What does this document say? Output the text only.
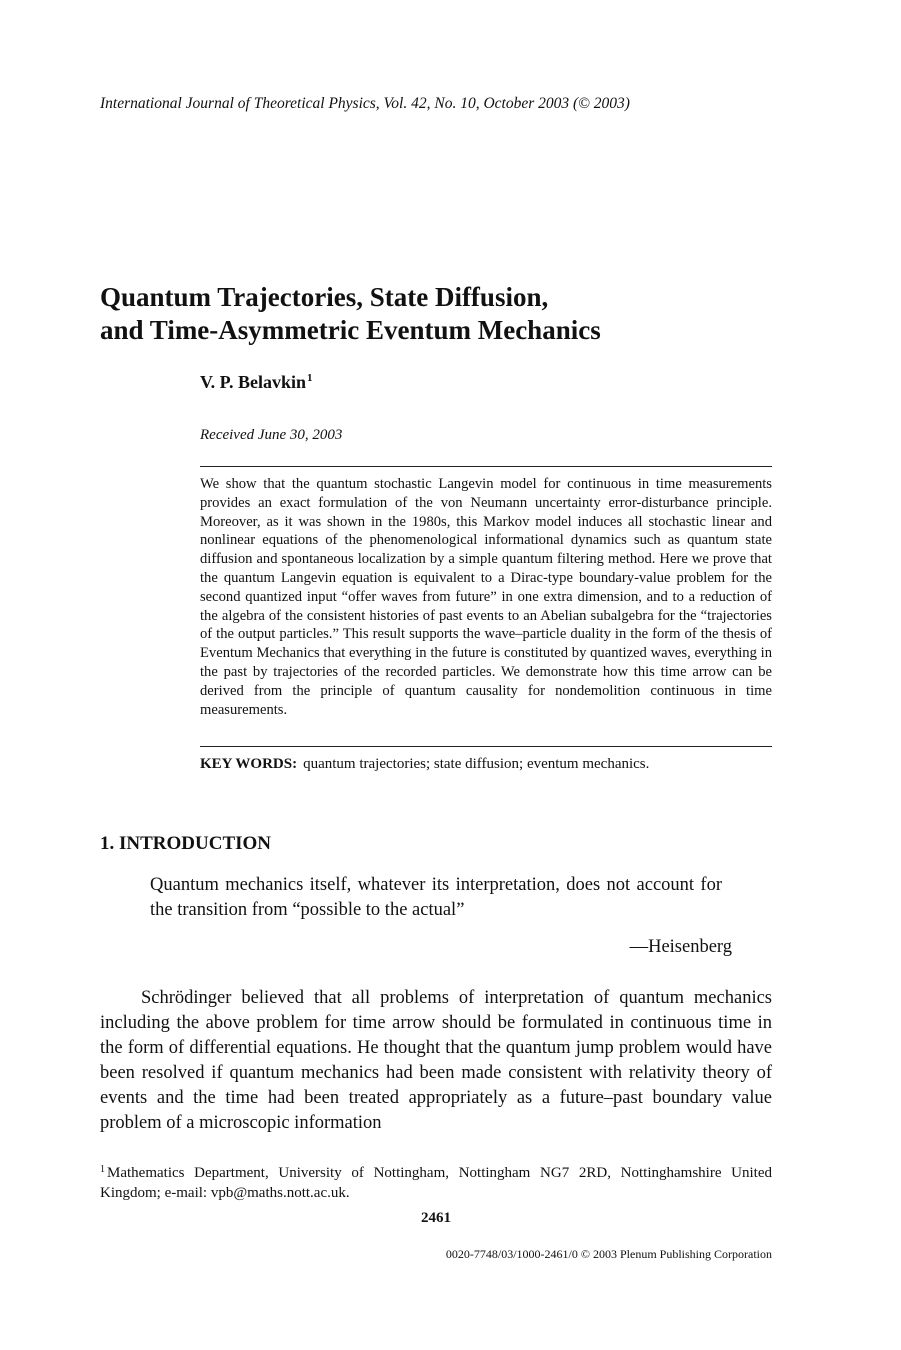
International Journal of Theoretical Physics, Vol. 42, No. 10, October 2003 (© 2003)
Quantum Trajectories, State Diffusion,
and Time-Asymmetric Eventum Mechanics
V. P. Belavkin$^1$
Received June 30, 2003

We show that the quantum stochastic Langevin model for continuous in time measurements provides an exact formulation of the von Neumann uncertainty error-disturbance principle. Moreover, as it was shown in the 1980s, this Markov model induces all stochastic linear and nonlinear equations of the phenomenological informational dynamics such as quantum state diffusion and spontaneous localization by a simple quantum filtering method. Here we prove that the quantum Langevin equation is equivalent to a Dirac-type boundary-value problem for the second quantized input “offer waves from future” in one extra dimension, and to a reduction of the algebra of the consistent histories of past events to an Abelian subalgebra for the “trajectories of the output particles.” This result supports the wave–particle duality in the form of the thesis of Eventum Mechanics that everything in the future is constituted by quantized waves, everything in the past by trajectories of the recorded particles. We demonstrate how this time arrow can be derived from the principle of quantum causality for nondemolition continuous in time measurements.

KEY WORDS: quantum trajectories; state diffusion; eventum mechanics.
1. INTRODUCTION

Quantum mechanics itself, whatever its interpretation, does not account for the transition from “possible to the actual”

—Heisenberg

Schrödinger believed that all problems of interpretation of quantum mechanics including the above problem for time arrow should be formulated in continuous time in the form of differential equations. He thought that the quantum jump problem would have been resolved if quantum mechanics had been made consistent with relativity theory of events and the time had been treated appropriately as a future–past boundary value problem of a microscopic information

$^1$ Mathematics Department, University of Nottingham, Nottingham NG7 2RD, Nottinghamshire United Kingdom; e-mail: vpb@maths.nott.ac.uk.
2461
0020-7748/03/1000-2461/0 © 2003 Plenum Publishing Corporation
